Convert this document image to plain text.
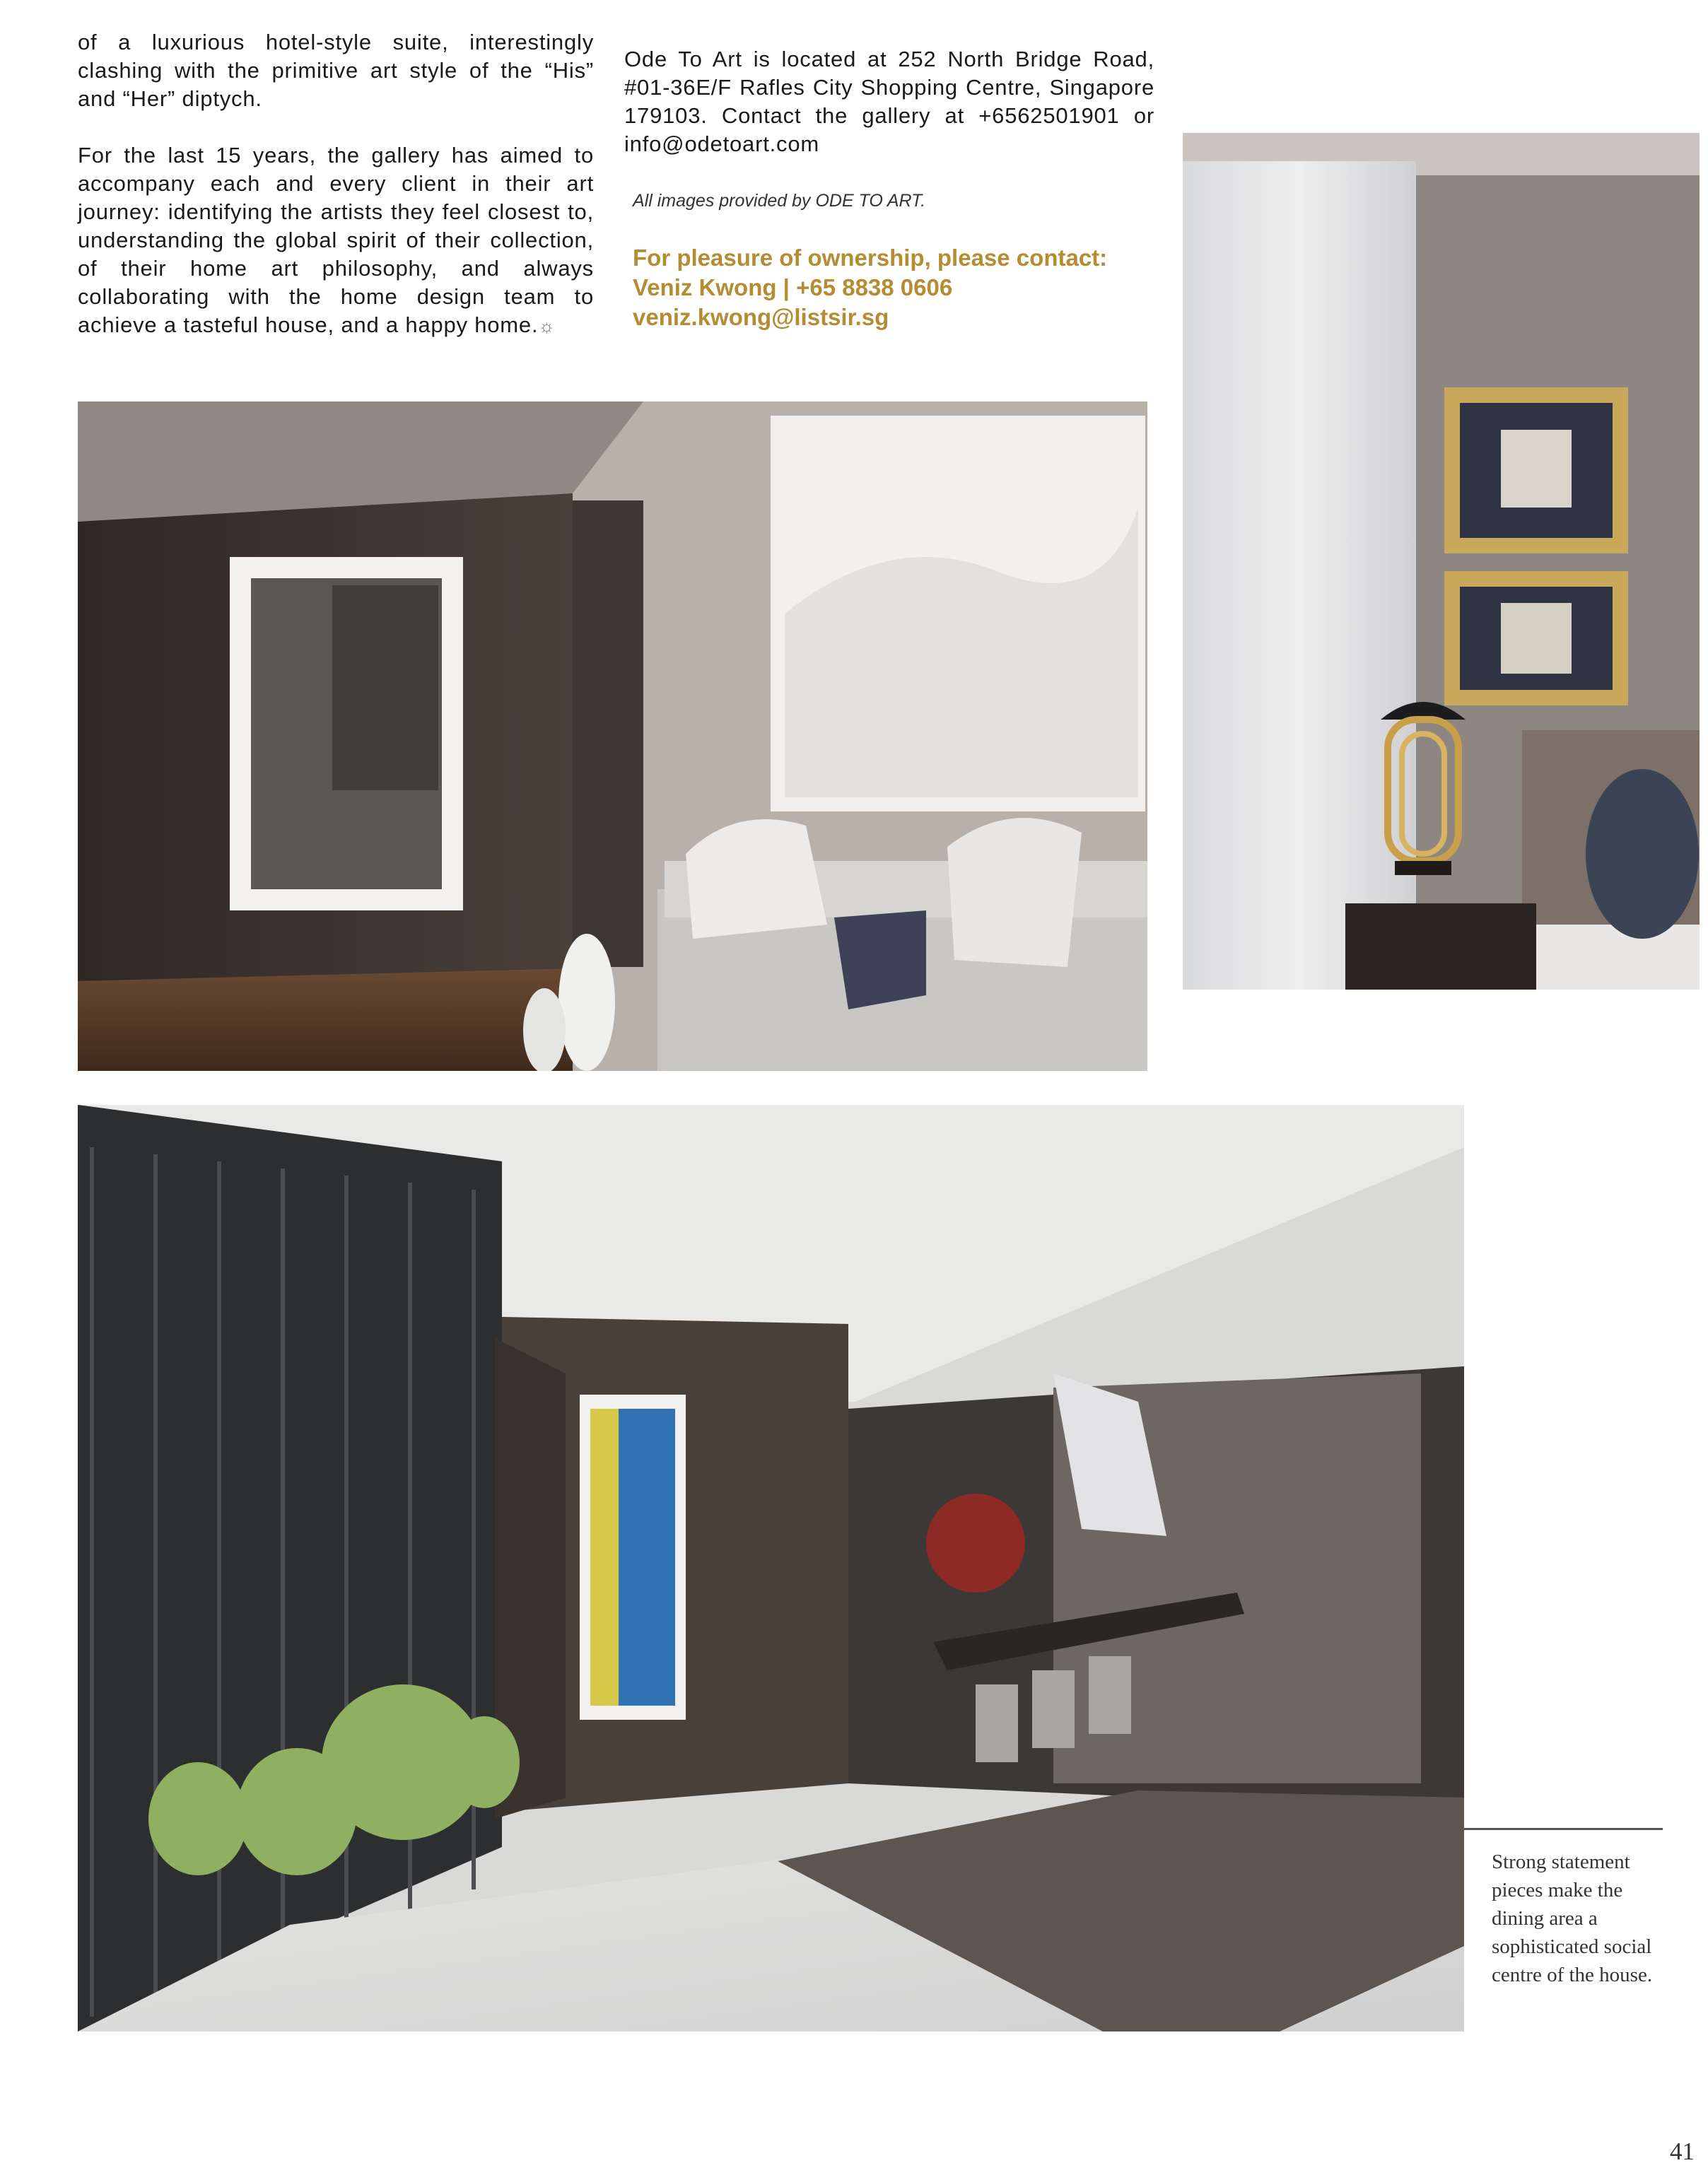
of a luxurious hotel-style suite, interestingly clashing with the primitive art style of the “His” and “Her” diptych.

For the last 15 years, the gallery has aimed to accompany each and every client in their art journey: identifying the artists they feel closest to, understanding the global spirit of their collection, of their home art philosophy, and always collaborating with the home design team to achieve a tasteful house, and a happy home.☼

Ode To Art is located at 252 North Bridge Road, #01-36E/F Rafles City Shopping Centre, Singapore 179103. Contact the gallery at +6562501901 or info@odetoart.com

All images provided by ODE TO ART.
For pleasure of ownership, please contact:
Veniz Kwong | +65 8838 0606
veniz.kwong@listsir.sg
Strong statement pieces make the dining area a sophisticated social centre of the house.
41
